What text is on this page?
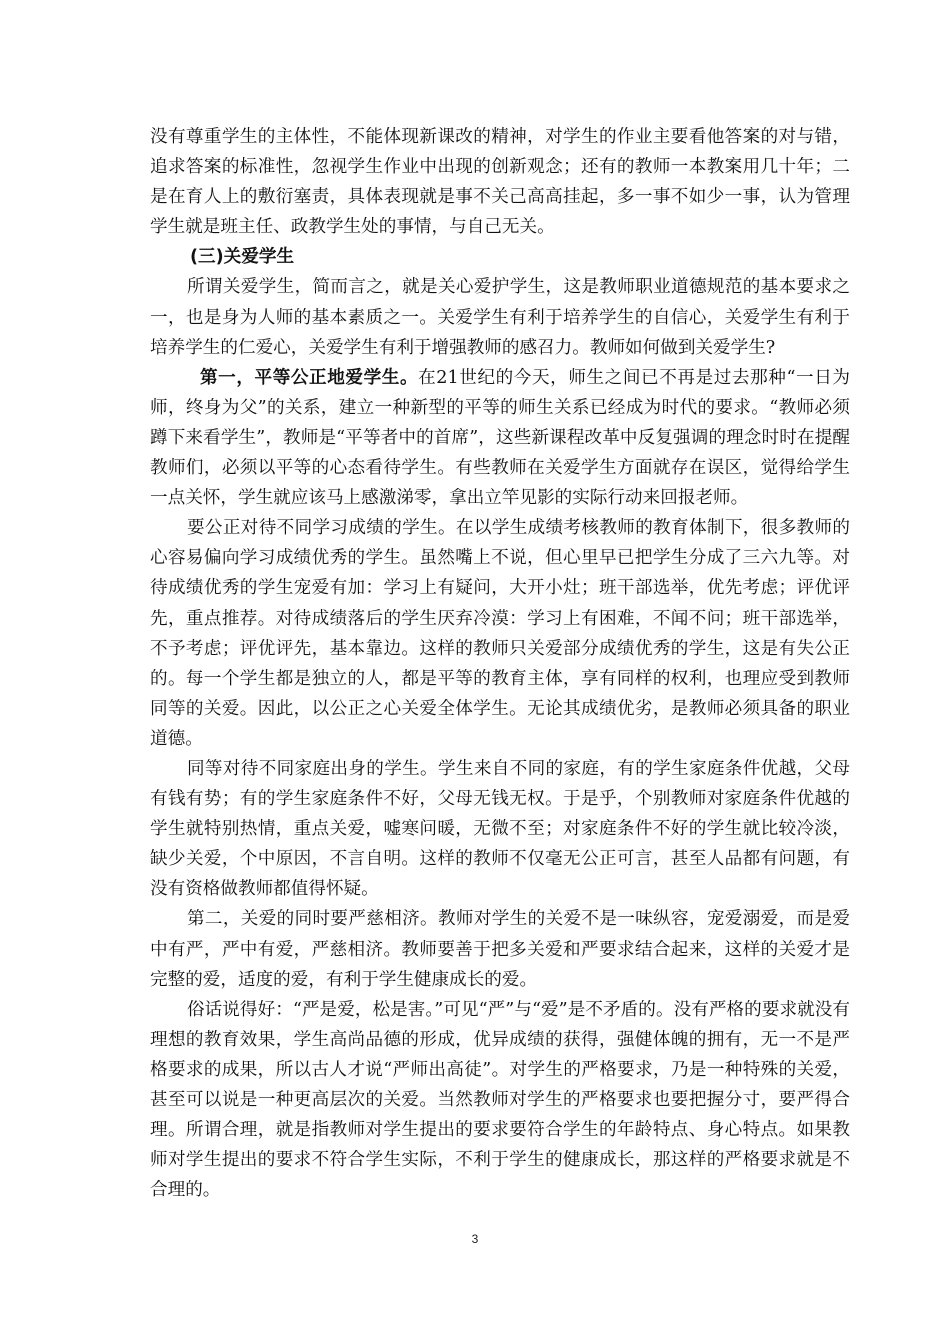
没有尊重学生的主体性，不能体现新课改的精神，对学生的作业主要看他答案的对与错，追求答案的标准性，忽视学生作业中出现的创新观念；还有的教师一本教案用几十年；二是在育人上的敷衍塞责，具体表现就是事不关己高高挂起，多一事不如少一事，认为管理学生就是班主任、政教学生处的事情，与自己无关。

(三)关爱学生

所谓关爱学生，简而言之，就是关心爱护学生，这是教师职业道德规范的基本要求之一，也是身为人师的基本素质之一。关爱学生有利于培养学生的自信心，关爱学生有利于培养学生的仁爱心，关爱学生有利于增强教师的感召力。教师如何做到关爱学生?

第一，平等公正地爱学生。在21世纪的今天，师生之间已不再是过去那种“一日为师，终身为父”的关系，建立一种新型的平等的师生关系已经成为时代的要求。“教师必须蹲下来看学生”，教师是“平等者中的首席”，这些新课程改革中反复强调的理念时时在提醒教师们，必须以平等的心态看待学生。有些教师在关爱学生方面就存在误区，觉得给学生一点关怀，学生就应该马上感激涕零，拿出立竿见影的实际行动来回报老师。

要公正对待不同学习成绩的学生。在以学生成绩考核教师的教育体制下，很多教师的心容易偏向学习成绩优秀的学生。虽然嘴上不说，但心里早已把学生分成了三六九等。对待成绩优秀的学生宠爱有加：学习上有疑问，大开小灶；班干部选举，优先考虑；评优评先，重点推荐。对待成绩落后的学生厌弃冷漠：学习上有困难，不闻不问；班干部选举，不予考虑；评优评先，基本靠边。这样的教师只关爱部分成绩优秀的学生，这是有失公正的。每一个学生都是独立的人，都是平等的教育主体，享有同样的权利，也理应受到教师同等的关爱。因此，以公正之心关爱全体学生。无论其成绩优劣，是教师必须具备的职业道德。

同等对待不同家庭出身的学生。学生来自不同的家庭，有的学生家庭条件优越，父母有钱有势；有的学生家庭条件不好，父母无钱无权。于是乎，个别教师对家庭条件优越的学生就特别热情，重点关爱，嘘寒问暖，无微不至；对家庭条件不好的学生就比较冷淡，缺少关爱，个中原因，不言自明。这样的教师不仅毫无公正可言，甚至人品都有问题，有没有资格做教师都值得怀疑。

第二，关爱的同时要严慈相济。教师对学生的关爱不是一味纵容，宠爱溺爱，而是爱中有严，严中有爱，严慈相济。教师要善于把多关爱和严要求结合起来，这样的关爱才是完整的爱，适度的爱，有利于学生健康成长的爱。

俗话说得好：“严是爱，松是害。”可见“严”与“爱”是不矛盾的。没有严格的要求就没有理想的教育效果，学生高尚品德的形成，优异成绩的获得，强健体魄的拥有，无一不是严格要求的成果，所以古人才说“严师出高徒”。对学生的严格要求，乃是一种特殊的关爱，甚至可以说是一种更高层次的关爱。当然教师对学生的严格要求也要把握分寸，要严得合理。所谓合理，就是指教师对学生提出的要求要符合学生的年龄特点、身心特点。如果教师对学生提出的要求不符合学生实际，不利于学生的健康成长，那这样的严格要求就是不合理的。

3
